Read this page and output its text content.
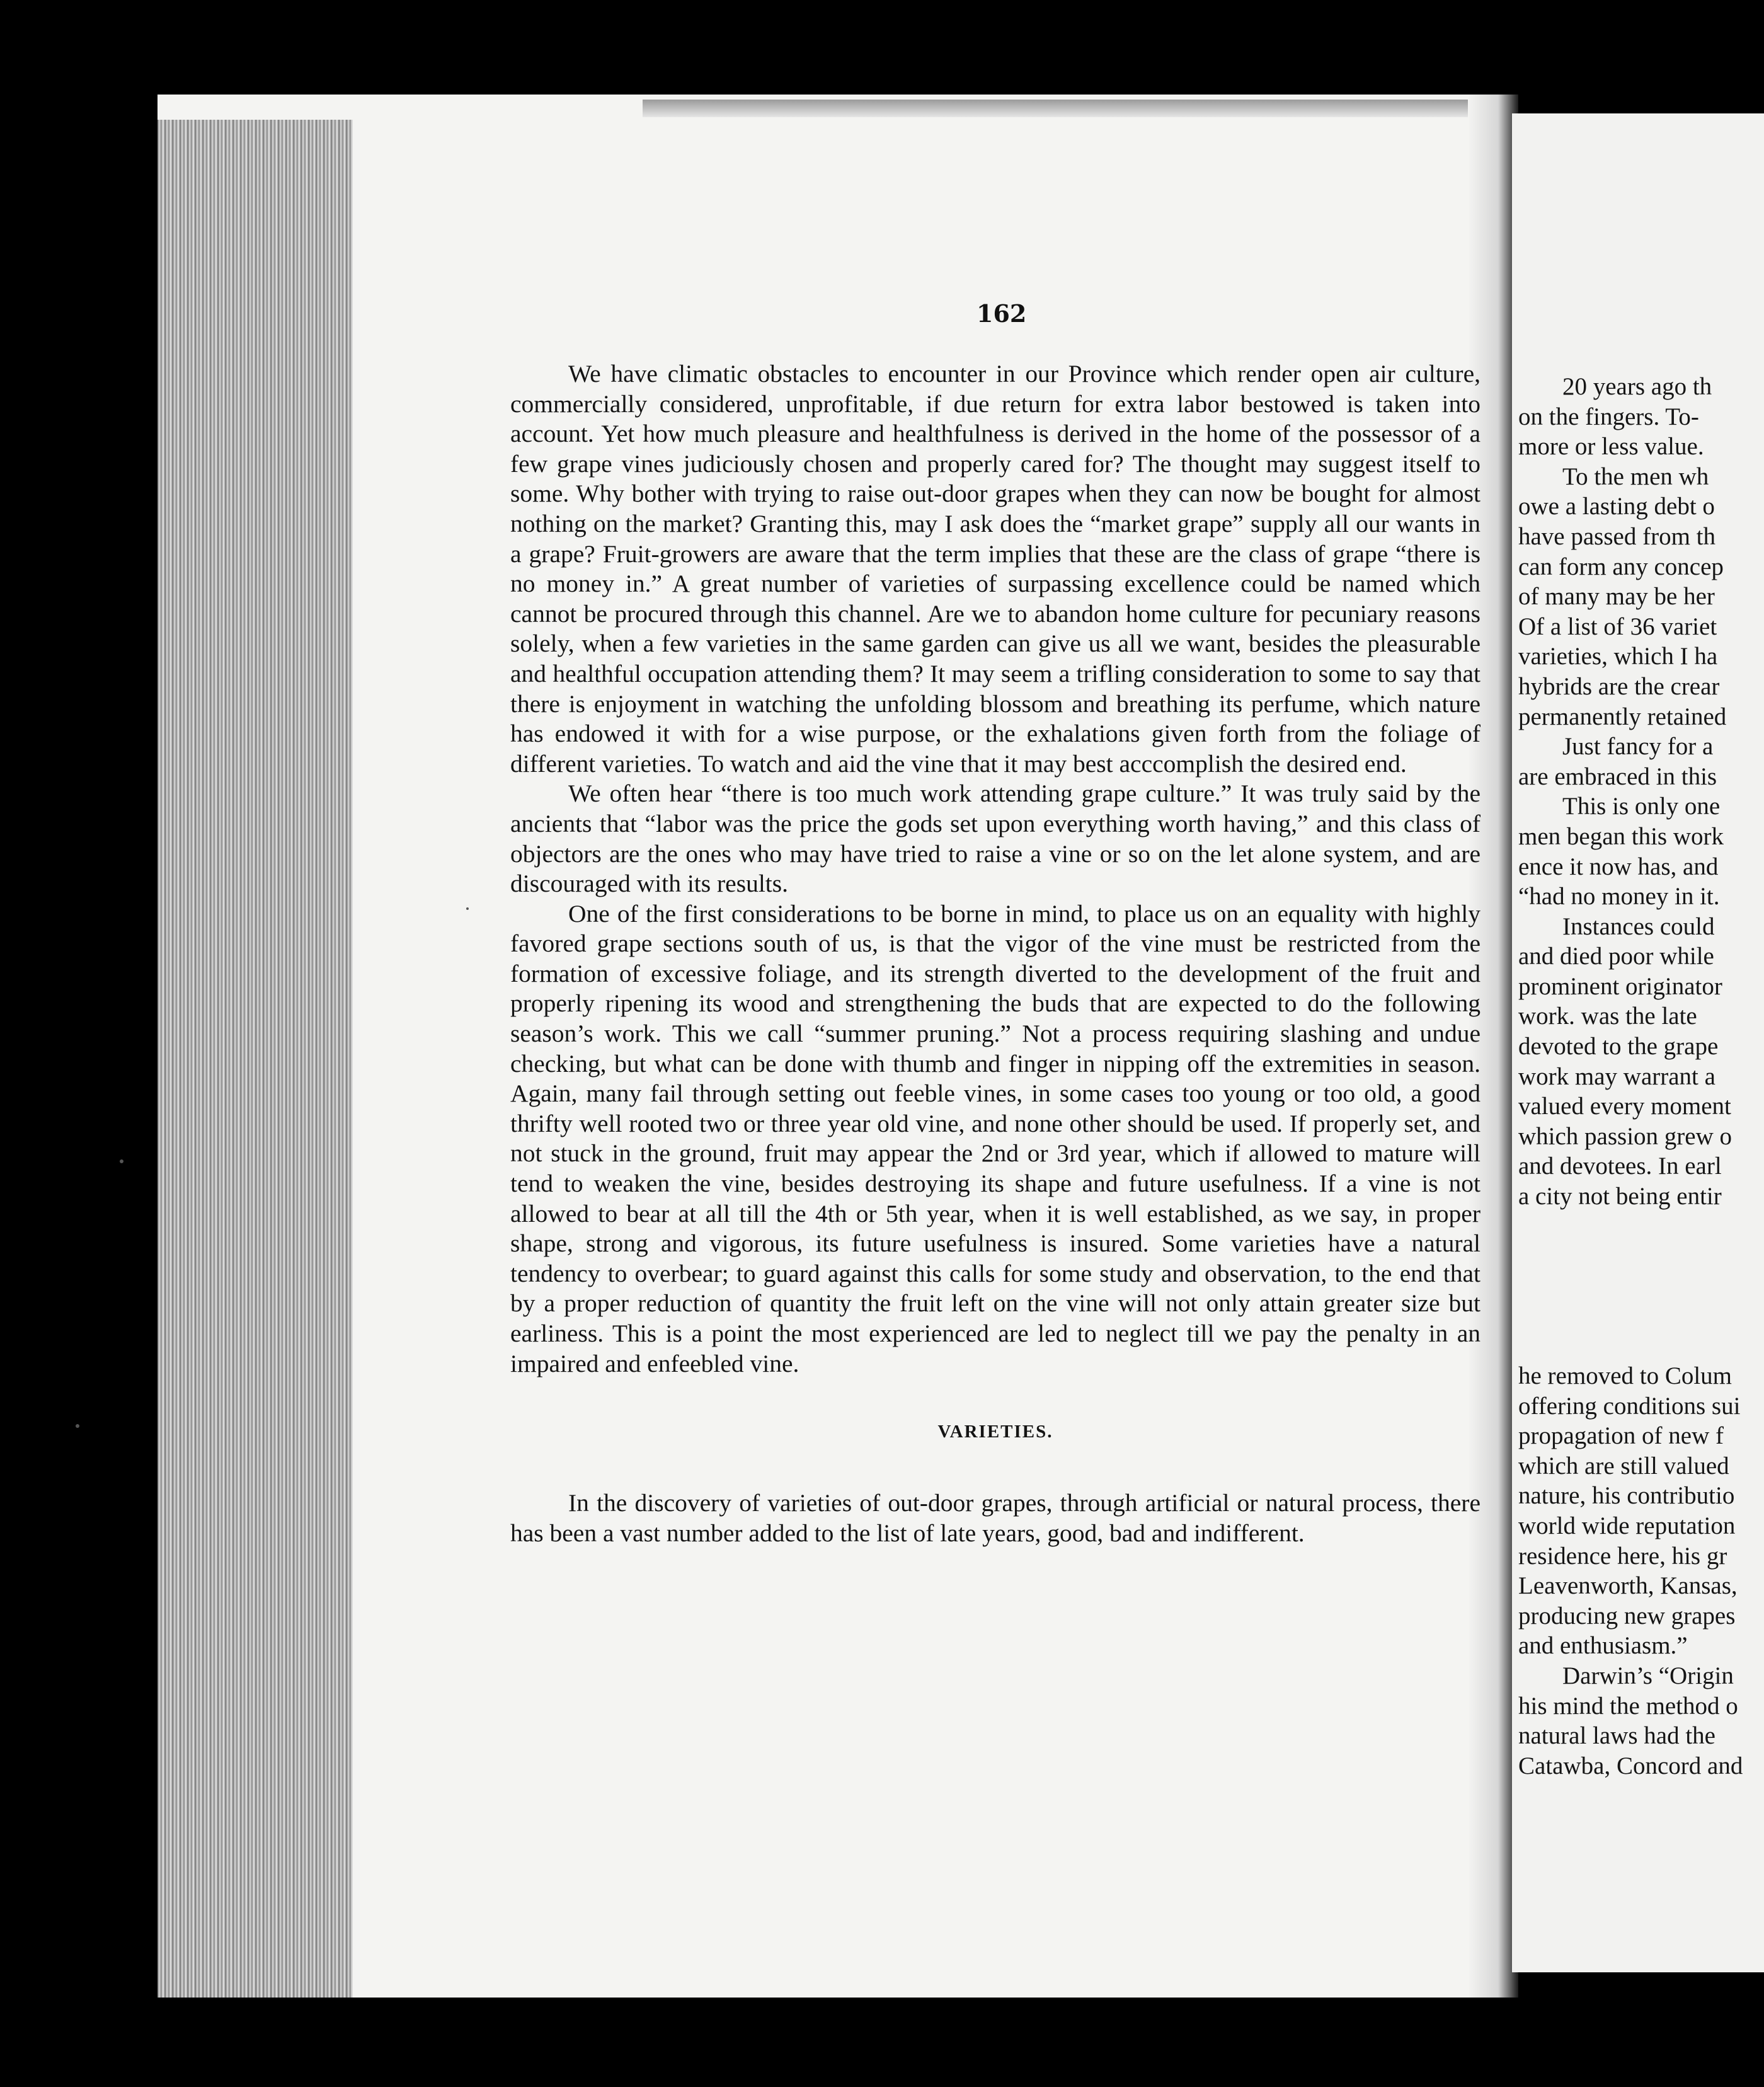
162

We have climatic obstacles to encounter in our Province which render open air culture, commercially considered, unprofitable, if due return for extra labor bestowed is taken into account. Yet how much pleasure and healthfulness is derived in the home of the possessor of a few grape vines judiciously chosen and properly cared for? The thought may suggest itself to some. Why bother with trying to raise out-door grapes when they can now be bought for almost nothing on the market? Granting this, may I ask does the “market grape” supply all our wants in a grape? Fruit-growers are aware that the term implies that these are the class of grape “there is no money in.” A great number of varieties of surpassing excellence could be named which cannot be procured through this channel. Are we to abandon home culture for pecuniary reasons solely, when a few varieties in the same garden can give us all we want, besides the pleasurable and healthful occupation attending them? It may seem a trifling consideration to some to say that there is enjoyment in watching the unfolding blossom and breathing its perfume, which nature has endowed it with for a wise purpose, or the exhalations given forth from the foliage of different varieties. To watch and aid the vine that it may best acccomplish the desired end.

We often hear “there is too much work attending grape culture.” It was truly said by the ancients that “labor was the price the gods set upon everything worth having,” and this class of objectors are the ones who may have tried to raise a vine or so on the let alone system, and are discouraged with its results.

One of the first considerations to be borne in mind, to place us on an equality with highly favored grape sections south of us, is that the vigor of the vine must be restricted from the formation of excessive foliage, and its strength diverted to the development of the fruit and properly ripening its wood and strengthening the buds that are expected to do the following season’s work. This we call “summer pruning.” Not a process requiring slashing and undue checking, but what can be done with thumb and finger in nipping off the extremities in season. Again, many fail through setting out feeble vines, in some cases too young or too old, a good thrifty well rooted two or three year old vine, and none other should be used. If properly set, and not stuck in the ground, fruit may appear the 2nd or 3rd year, which if allowed to mature will tend to weaken the vine, besides destroying its shape and future usefulness. If a vine is not allowed to bear at all till the 4th or 5th year, when it is well established, as we say, in proper shape, strong and vigorous, its future usefulness is insured. Some varieties have a natural tendency to overbear; to guard against this calls for some study and observation, to the end that by a proper reduction of quantity the fruit left on the vine will not only attain greater size but earliness. This is a point the most experienced are led to neglect till we pay the penalty in an impaired and enfeebled vine.

VARIETIES.

In the discovery of varieties of out-door grapes, through artificial or natural process, there has been a vast number added to the list of late years, good, bad and indifferent.

20 years ago th
on the fingers. To-
more or less value.
To the men wh
owe a lasting debt o
have passed from th
can form any concep
of many may be her
Of a list of 36 variet
varieties, which I ha
hybrids are the crear
permanently retained
Just fancy for a
are embraced in this
This is only one
men began this work
ence it now has, and
“had no money in it.
Instances could
and died poor while
prominent originator
work. was the late
devoted to the grape
work may warrant a
valued every moment
which passion grew o
and devotees. In earl
a city not being entir
he removed to Colum
offering conditions sui
propagation of new f
which are still valued
nature, his contributio
world wide reputation
residence here, his gr
Leavenworth, Kansas,
producing new grapes
and enthusiasm.”
Darwin’s “Origin
his mind the method o
natural laws had the
Catawba, Concord and
